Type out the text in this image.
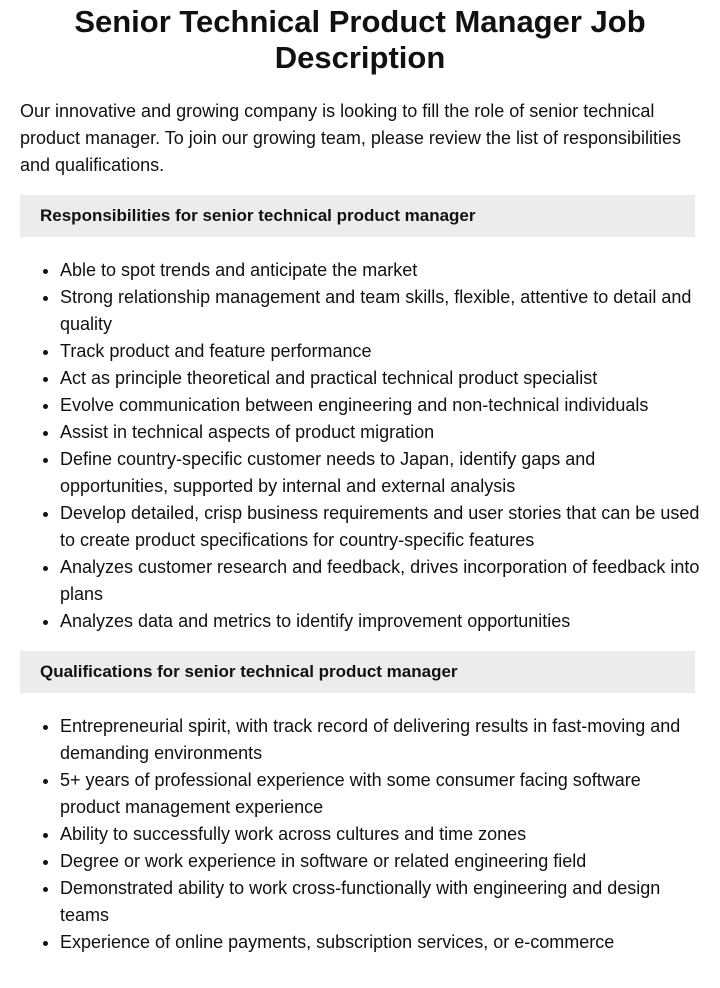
Senior Technical Product Manager Job Description

Our innovative and growing company is looking to fill the role of senior technical product manager. To join our growing team, please review the list of responsibilities and qualifications.

Responsibilities for senior technical product manager
• Able to spot trends and anticipate the market
• Strong relationship management and team skills, flexible, attentive to detail and quality
• Track product and feature performance
• Act as principle theoretical and practical technical product specialist
• Evolve communication between engineering and non-technical individuals
• Assist in technical aspects of product migration
• Define country-specific customer needs to Japan, identify gaps and opportunities, supported by internal and external analysis
• Develop detailed, crisp business requirements and user stories that can be used to create product specifications for country-specific features
• Analyzes customer research and feedback, drives incorporation of feedback into plans
• Analyzes data and metrics to identify improvement opportunities
Qualifications for senior technical product manager
• Entrepreneurial spirit, with track record of delivering results in fast-moving and demanding environments
• 5+ years of professional experience with some consumer facing software product management experience
• Ability to successfully work across cultures and time zones
• Degree or work experience in software or related engineering field
• Demonstrated ability to work cross-functionally with engineering and design teams
• Experience of online payments, subscription services, or e-commerce
